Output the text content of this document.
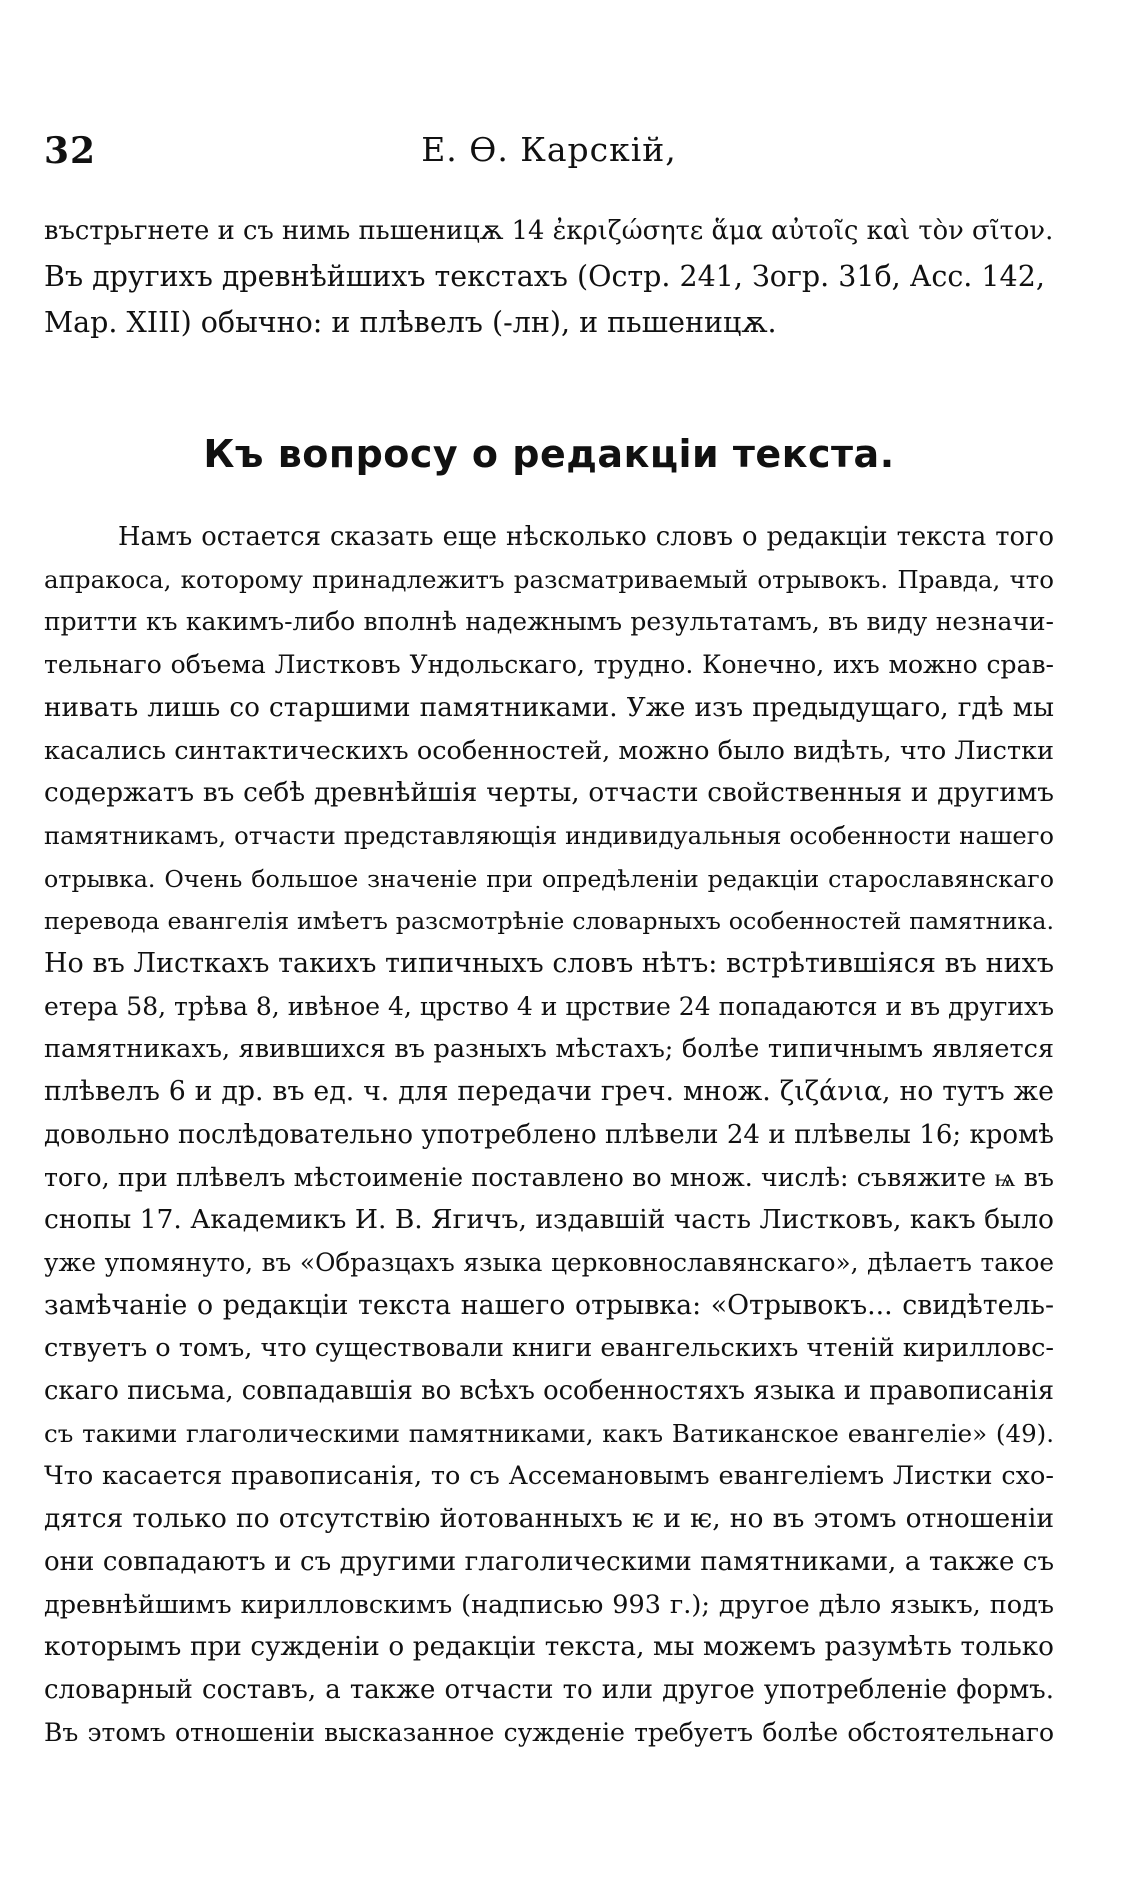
32	Е. Ѳ. Карскій,
въстрьгнете и съ нимь пьшеницѫ 14 ἐκριζώσητε ἅμα αὐτοῖς καὶ τὸν σῖτον.
Въ другихъ древнѣйшихъ текстахъ (Остр. 241, Зогр. 31б, Асс. 142,
Мар. XIII) обычно: и плѣвелъ (-лн), и пьшеницѫ.
Къ вопросу о редакціи текста.
Намъ остается сказать еще нѣсколько словъ о редакціи текста того
апракоса, которому принадлежитъ разсматриваемый отрывокъ. Правда, что
притти къ какимъ-либо вполнѣ надежнымъ результатамъ, въ виду незначи-
тельнаго объема Листковъ Ундольскаго, трудно. Конечно, ихъ можно срав-
нивать лишь со старшими памятниками. Уже изъ предыдущаго, гдѣ мы
касались синтактическихъ особенностей, можно было видѣть, что Листки
содержатъ въ себѣ древнѣйшія черты, отчасти свойственныя и другимъ
памятникамъ, отчасти представляющія индивидуальныя особенности нашего
отрывка. Очень большое значеніе при опредѣленіи редакціи старославянскаго
перевода евангелія имѣетъ разсмотрѣніе словарныхъ особенностей памятника.
Но въ Листкахъ такихъ типичныхъ словъ нѣтъ: встрѣтившіяся въ нихъ
етера 58, трѣва 8, ивѣное 4, црство 4 и црствие 24 попадаются и въ другихъ
памятникахъ, явившихся въ разныхъ мѣстахъ; болѣе типичнымъ является
плѣвелъ 6 и др. въ ед. ч. для передачи греч. множ. ζιζάνια, но тутъ же
довольно послѣдовательно употреблено плѣвели 24 и плѣвелы 16; кромѣ
того, при плѣвелъ мѣстоименіе поставлено во множ. числѣ: съвяжите ѩ въ
снопы 17. Академикъ И. В. Ягичъ, издавшій часть Листковъ, какъ было
уже упомянуто, въ «Образцахъ языка церковнославянскаго», дѣлаетъ такое
замѣчаніе о редакціи текста нашего отрывка: «Отрывокъ... свидѣтель-
ствуетъ о томъ, что существовали книги евангельскихъ чтеній кирилловс-
скаго письма, совпадавшія во всѣхъ особенностяхъ языка и правописанія
съ такими глаголическими памятниками, какъ Ватиканское евангеліе» (49).
Что касается правописанія, то съ Ассемановымъ евангеліемъ Листки схо-
дятся только по отсутствію йотованныхъ ѥ и ѥ, но въ этомъ отношеніи
они совпадаютъ и съ другими глаголическими памятниками, а также съ
древнѣйшимъ кирилловскимъ (надписью 993 г.); другое дѣло языкъ, подъ
которымъ при сужденіи о редакціи текста, мы можемъ разумѣть только
словарный составъ, а также отчасти то или другое употребленіе формъ.
Въ этомъ отношеніи высказанное сужденіе требуетъ болѣе обстоятельнаго
